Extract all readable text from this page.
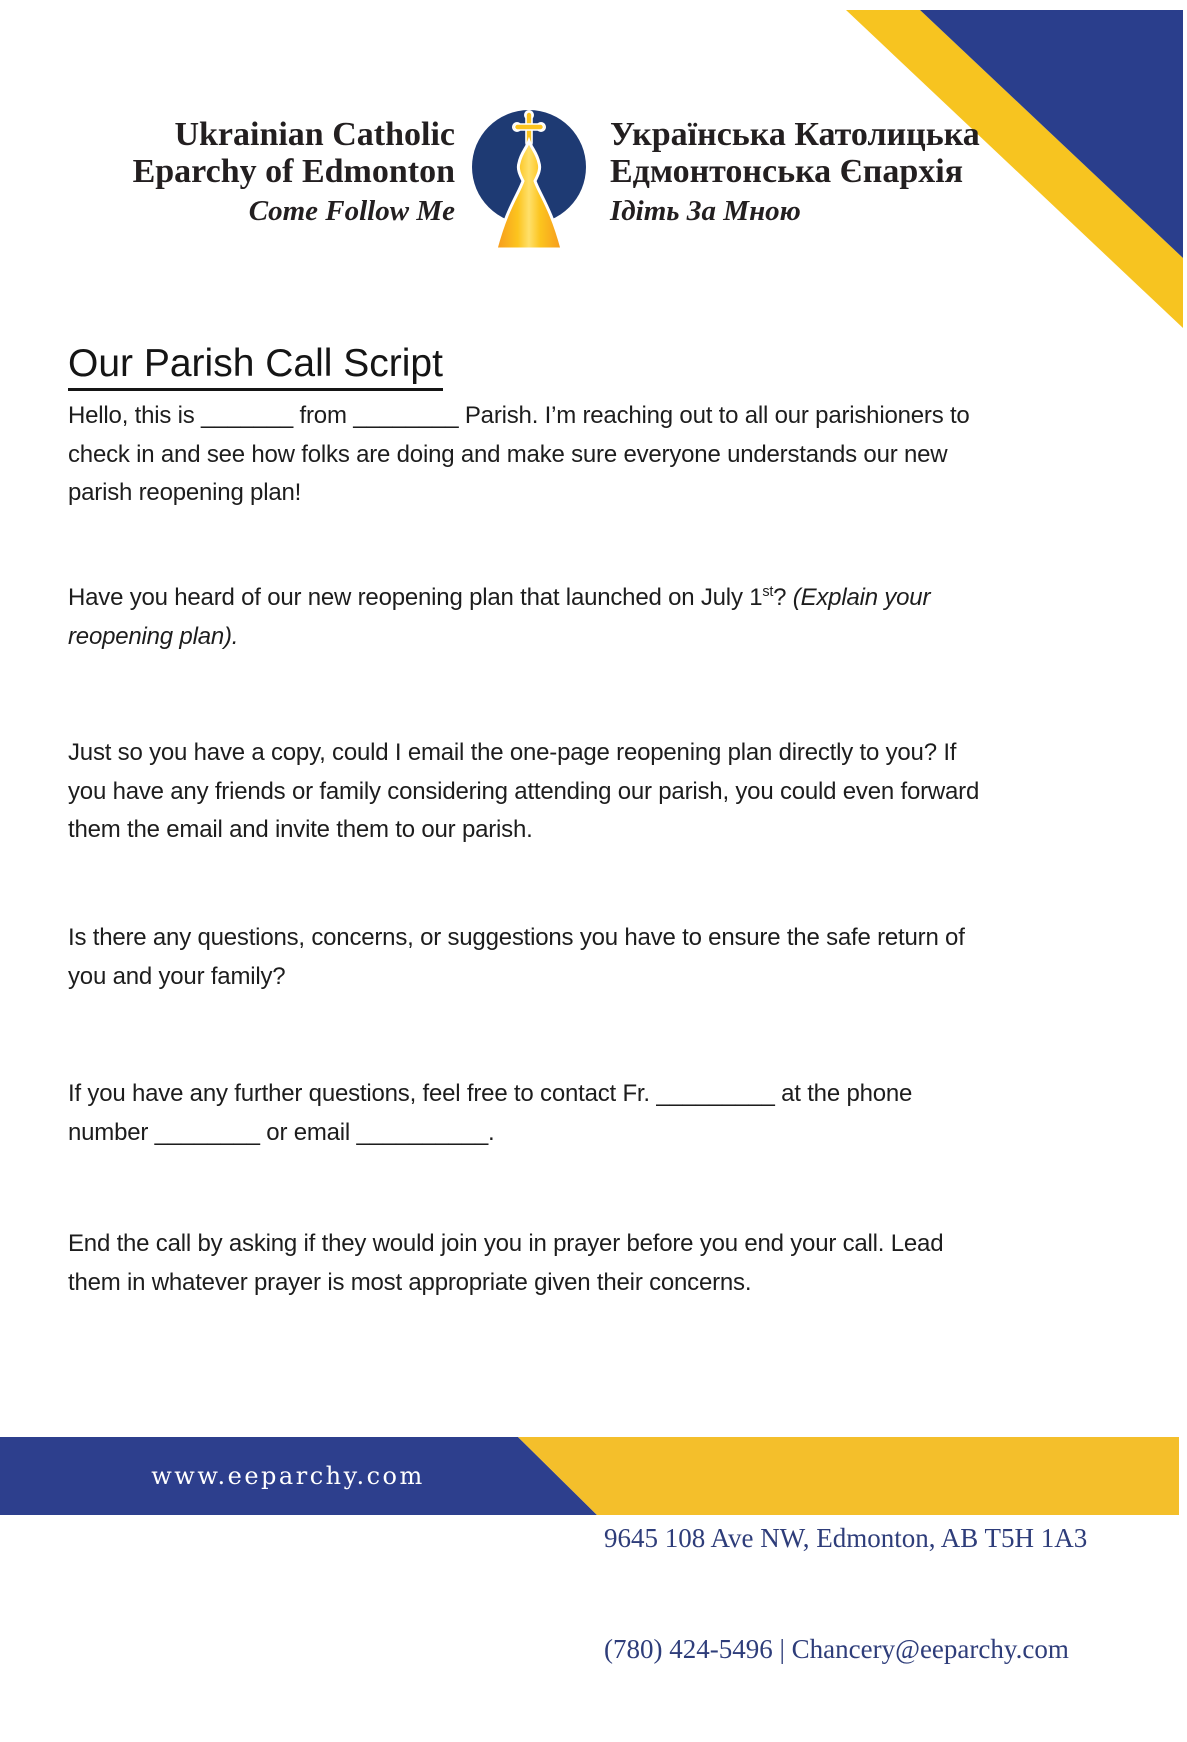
Ukrainian Catholic
Eparchy of Edmonton
Come Follow Me
Українська Католицька
Едмонтонська Єпархія
Ідіть За Мною
Our Parish Call Script
Hello, this is _______ from ________ Parish. I’m reaching out to all our parishioners to
check in and see how folks are doing and make sure everyone understands our new
parish reopening plan!
Have you heard of our new reopening plan that launched on July 1st? (Explain your
reopening plan).
Just so you have a copy, could I email the one-page reopening plan directly to you? If
you have any friends or family considering attending our parish, you could even forward
them the email and invite them to our parish.
Is there any questions, concerns, or suggestions you have to ensure the safe return of
you and your family?
If you have any further questions, feel free to contact Fr. _________ at the phone
number ________ or email __________.
End the call by asking if they would join you in prayer before you end your call. Lead
them in whatever prayer is most appropriate given their concerns.
www.eeparchy.com

9645 108 Ave NW, Edmonton, AB T5H 1A3

(780) 424-5496 | Chancery@eeparchy.com
